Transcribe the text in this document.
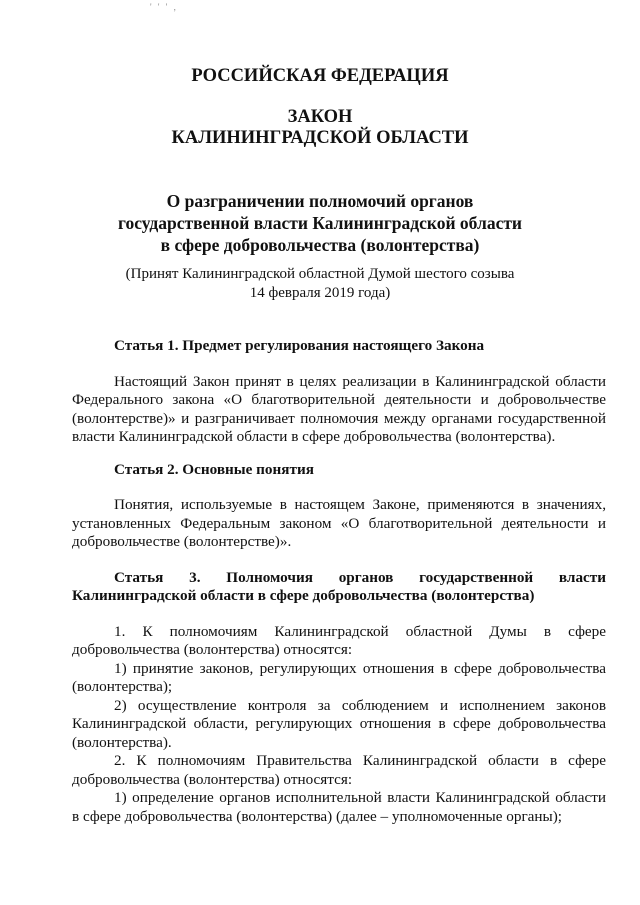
' ' ' ,
РОССИЙСКАЯ ФЕДЕРАЦИЯ
ЗАКОН
КАЛИНИНГРАДСКОЙ ОБЛАСТИ
О разграничении полномочий органов
государственной власти Калининградской области
в сфере добровольчества (волонтерства)
(Принят Калининградской областной Думой шестого созыва
14 февраля 2019 года)

Статья 1. Предмет регулирования настоящего Закона

Настоящий Закон принят в целях реализации в Калининградской области Федерального закона «О благотворительной деятельности и добровольчестве (волонтерстве)» и разграничивает полномочия между органами государственной власти Калининградской области в сфере добровольчества (волонтерства).

Статья 2. Основные понятия

Понятия, используемые в настоящем Законе, применяются в значениях, установленных Федеральным законом «О благотворительной деятельности и добровольчестве (волонтерстве)».

Статья 3. Полномочия органов государственной власти

Калининградской области в сфере добровольчества (волонтерства)

1. К полномочиям Калининградской областной Думы в сфере добровольчества (волонтерства) относятся:

1) принятие законов, регулирующих отношения в сфере добровольчества (волонтерства);

2) осуществление контроля за соблюдением и исполнением законов Калининградской области, регулирующих отношения в сфере добровольчества (волонтерства).

2. К полномочиям Правительства Калининградской области в сфере добровольчества (волонтерства) относятся:

1) определение органов исполнительной власти Калининградской области в сфере добровольчества (волонтерства) (далее – уполномоченные органы);
